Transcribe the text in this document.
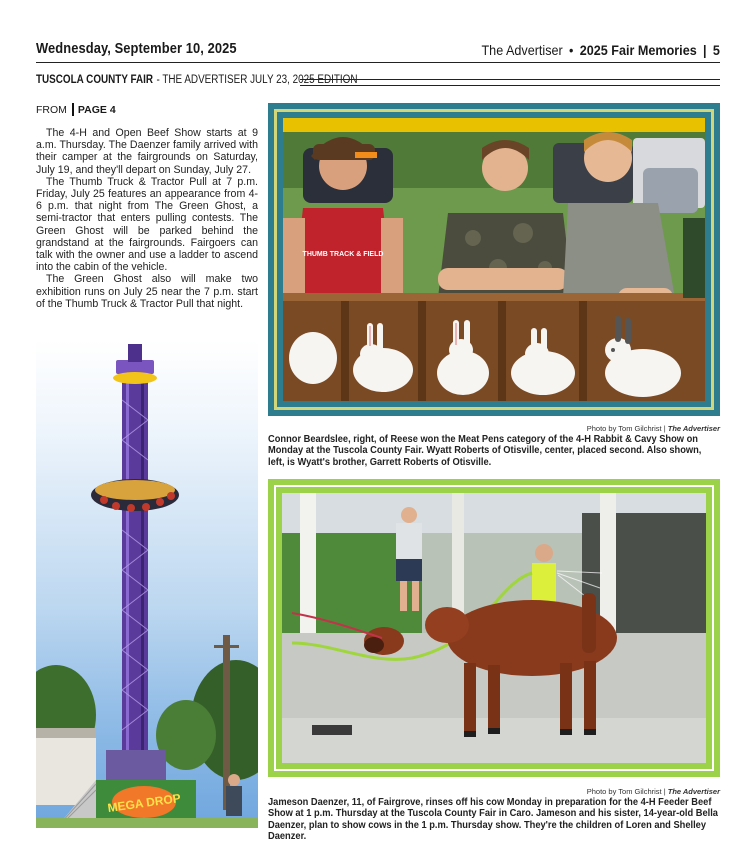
Wednesday, September 10, 2025	The Advertiser • 2025 Fair Memories | 5
TUSCOLA COUNTY FAIR - THE ADVERTISER JULY 23, 2025 EDITION
FROM PAGE 4

The 4-H and Open Beef Show starts at 9 a.m. Thursday. The Daenzer family arrived with their camper at the fairgrounds on Saturday, July 19, and they'll depart on Sunday, July 27.

The Thumb Truck & Tractor Pull at 7 p.m. Friday, July 25 features an appearance from 4-6 p.m. that night from The Green Ghost, a semi-tractor that enters pulling contests. The Green Ghost will be parked behind the grandstand at the fairgrounds. Fairgoers can talk with the owner and use a ladder to ascend into the cabin of the vehicle.

The Green Ghost also will make two exhibition runs on July 25 near the 7 p.m. start of the Thumb Truck & Tractor Pull that night.

MEGA DROP
THUMB TRACK & FIELD
Photo by Tom Gilchrist | The Advertiser
Connor Beardslee, right, of Reese won the Meat Pens category of the 4-H Rabbit & Cavy Show on Monday at the Tuscola County Fair. Wyatt Roberts of Otisville, center, placed second. Also shown, left, is Wyatt's brother, Garrett Roberts of Otisville.
Photo by Tom Gilchrist | The Advertiser
Jameson Daenzer, 11, of Fairgrove, rinses off his cow Monday in preparation for the 4-H Feeder Beef Show at 1 p.m. Thursday at the Tuscola County Fair in Caro. Jameson and his sister, 14-year-old Bella Daenzer, plan to show cows in the 1 p.m. Thursday show. They're the children of Loren and Shelley Daenzer.
